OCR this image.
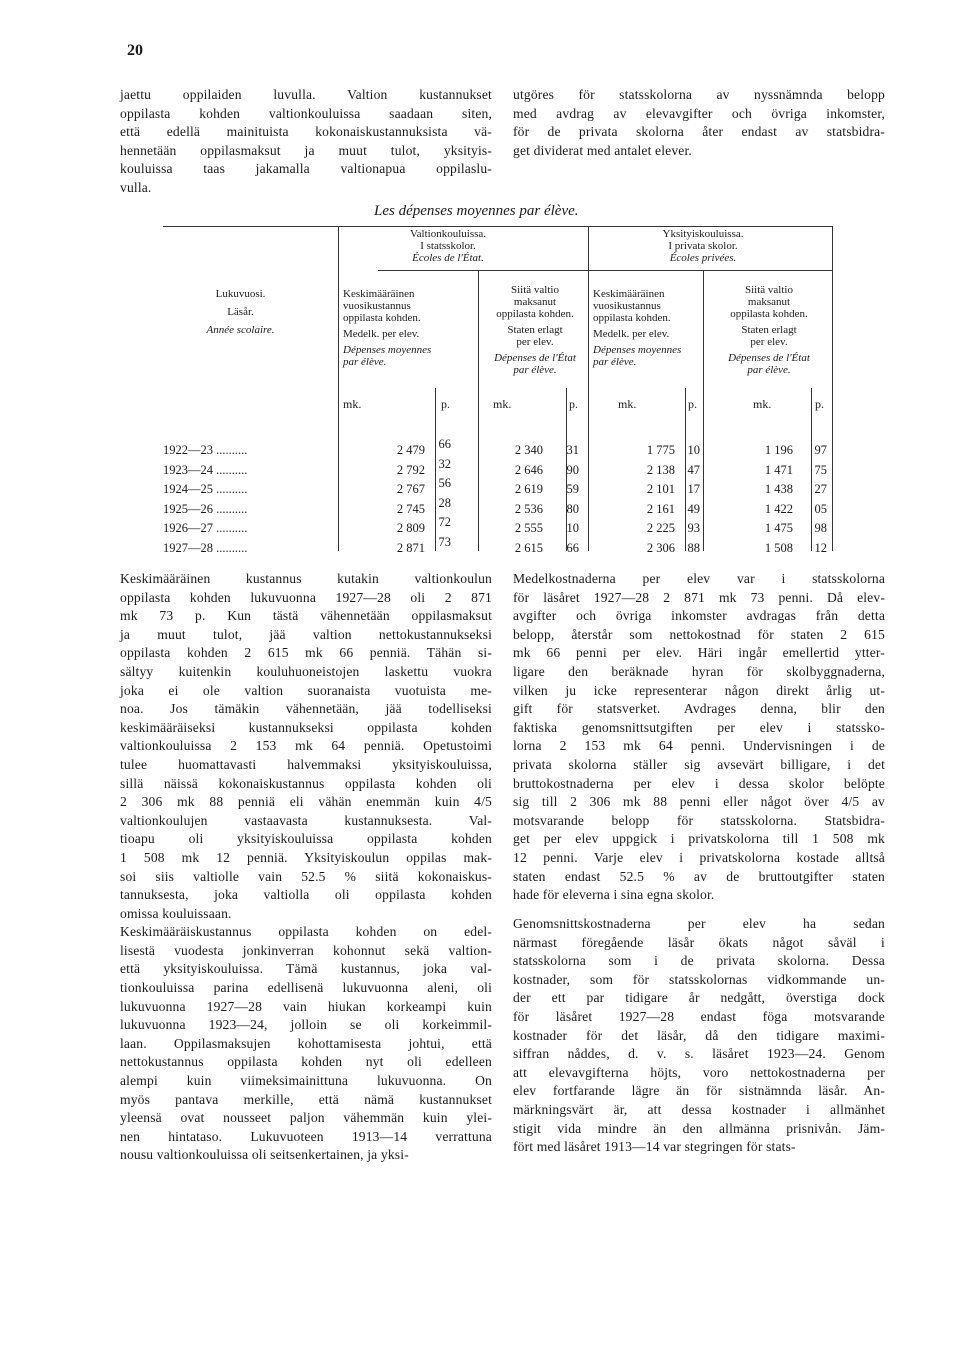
20

jaettu oppilaiden luvulla. Valtion kustannukset
oppilasta kohden valtionkouluissa saadaan siten,
että edellä mainituista kokonaiskustannuksista vä-
hennetään oppilasmaksut ja muut tulot, yksityis-
kouluissa taas jakamalla valtionapua oppilaslu-
vulla.

utgöres för statsskolorna av nyssnämnda belopp
med avdrag av elevavgifter och övriga inkomster,
för de privata skolorna åter endast av statsbidra-
get dividerat med antalet elever.

Les dépenses moyennes par élève.
Valtionkouluissa.
I statsskolor.
Écoles de l'État.
Yksityiskouluissa.
I privata skolor.
Écoles privées.
Lukuvuosi.
Läsår.
Année scolaire.
Keskimääräinen
vuosikustannus
oppilasta kohden.
Medelk. per elev.
Dépenses moyennes
par élève.
Siitä valtio
maksanut
oppilasta kohden.
Staten erlagt
per elev.
Dépenses de l'État
par élève.
Keskimääräinen
vuosikustannus
oppilasta kohden.
Medelk. per elev.
Dépenses moyennes
par élève.
Siitä valtio
maksanut
oppilasta kohden.
Staten erlagt
per elev.
Dépenses de l'État
par élève.
mk.	p.	mk.	p.	mk.	p.	mk.	p.
1922—23 ..........	2 479 66	2 340 31	1 775 10	1 196 97
1923—24 ..........	2 792 32	2 646 90	2 138 47	1 471 75
1924—25 ..........	2 767 56	2 619 59	2 101 17	1 438 27
1925—26 ..........	2 745 28	2 536 80	2 161 49	1 422 05
1926—27 ..........	2 809 72	2 555 10	2 225 93	1 475 98
1927—28 ..........	2 871 73	2 615 66	2 306 88	1 508 12

Keskimääräinen kustannus kutakin valtionkoulun
oppilasta kohden lukuvuonna 1927—28 oli 2 871
mk 73 p. Kun tästä vähennetään oppilasmaksut
ja muut tulot, jää valtion nettokustannukseksi
oppilasta kohden 2 615 mk 66 penniä. Tähän si-
sältyy kuitenkin kouluhuoneistojen laskettu vuokra
joka ei ole valtion suoranaista vuotuista me-
noa. Jos tämäkin vähennetään, jää todelliseksi
keskimääräiseksi kustannukseksi oppilasta kohden
valtionkouluissa 2 153 mk 64 penniä. Opetustoimi
tulee huomattavasti halvemmaksi yksityiskouluissa,
sillä näissä kokonaiskustannus oppilasta kohden oli
2 306 mk 88 penniä eli vähän enemmän kuin 4/5
valtionkoulujen vastaavasta kustannuksesta. Val-
tioapu oli yksityiskouluissa oppilasta kohden
1 508 mk 12 penniä. Yksityiskoulun oppilas mak-
soi siis valtiolle vain 52.5 % siitä kokonaiskus-
tannuksesta, joka valtiolla oli oppilasta kohden
omissa kouluissaan.
Keskimääräiskustannus oppilasta kohden on edel-
lisestä vuodesta jonkinverran kohonnut sekä valtion-
että yksityiskouluissa. Tämä kustannus, joka val-
tionkouluissa parina edellisenä lukuvuonna aleni, oli
lukuvuonna 1927—28 vain hiukan korkeampi kuin
lukuvuonna 1923—24, jolloin se oli korkeimmil-
laan. Oppilasmaksujen kohottamisesta johtui, että
nettokustannus oppilasta kohden nyt oli edelleen
alempi kuin viimeksimainittuna lukuvuonna. On
myös pantava merkille, että nämä kustannukset
yleensä ovat nousseet paljon vähemmän kuin ylei-
nen hintataso. Lukuvuoteen 1913—14 verrattuna
nousu valtionkouluissa oli seitsenkertainen, ja yksi-

Medelkostnaderna per elev var i statsskolorna
för läsåret 1927—28 2 871 mk 73 penni. Då elev-
avgifter och övriga inkomster avdragas från detta
belopp, återstår som nettokostnad för staten 2 615
mk 66 penni per elev. Häri ingår emellertid ytter-
ligare den beräknade hyran för skolbyggnaderna,
vilken ju icke representerar någon direkt årlig ut-
gift för statsverket. Avdrages denna, blir den
faktiska genomsnittsutgiften per elev i statssko-
lorna 2 153 mk 64 penni. Undervisningen i de
privata skolorna ställer sig avsevärt billigare, i det
bruttokostnaderna per elev i dessa skolor belöpte
sig till 2 306 mk 88 penni eller något över 4/5 av
motsvarande belopp för statsskolorna. Statsbidra-
get per elev uppgick i privatskolorna till 1 508 mk
12 penni. Varje elev i privatskolorna kostade alltså
staten endast 52.5 % av de bruttoutgifter staten
hade för eleverna i sina egna skolor.

Genomsnittskostnaderna per elev ha sedan
närmast föregående läsår ökats något såväl i
statsskolorna som i de privata skolorna. Dessa
kostnader, som för statsskolornas vidkommande un-
der ett par tidigare år nedgått, överstiga dock
för läsåret 1927—28 endast föga motsvarande
kostnader för det läsår, då den tidigare maximi-
siffran nåddes, d. v. s. läsåret 1923—24. Genom
att elevavgifterna höjts, voro nettokostnaderna per
elev fortfarande lägre än för sistnämnda läsår. An-
märkningsvärt är, att dessa kostnader i allmänhet
stigit vida mindre än den allmänna prisnivån. Jäm-
fört med läsåret 1913—14 var stegringen för stats-
